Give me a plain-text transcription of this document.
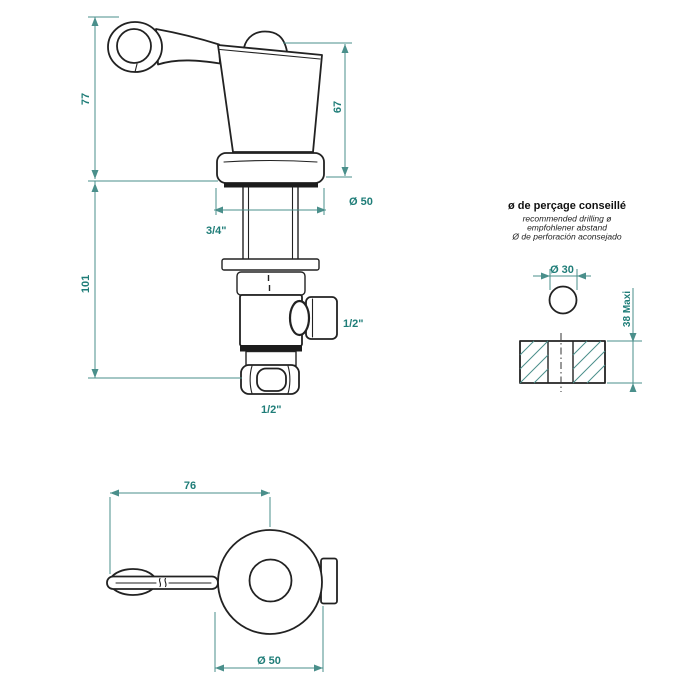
77
101
67
Ø 50
3/4"
1/2"
1/2"
ø de perçage conseillé
recommended drilling ø
empfohlener abstand
Ø de perforación aconsejado
Ø 30
38 Maxi
76
Ø 50
